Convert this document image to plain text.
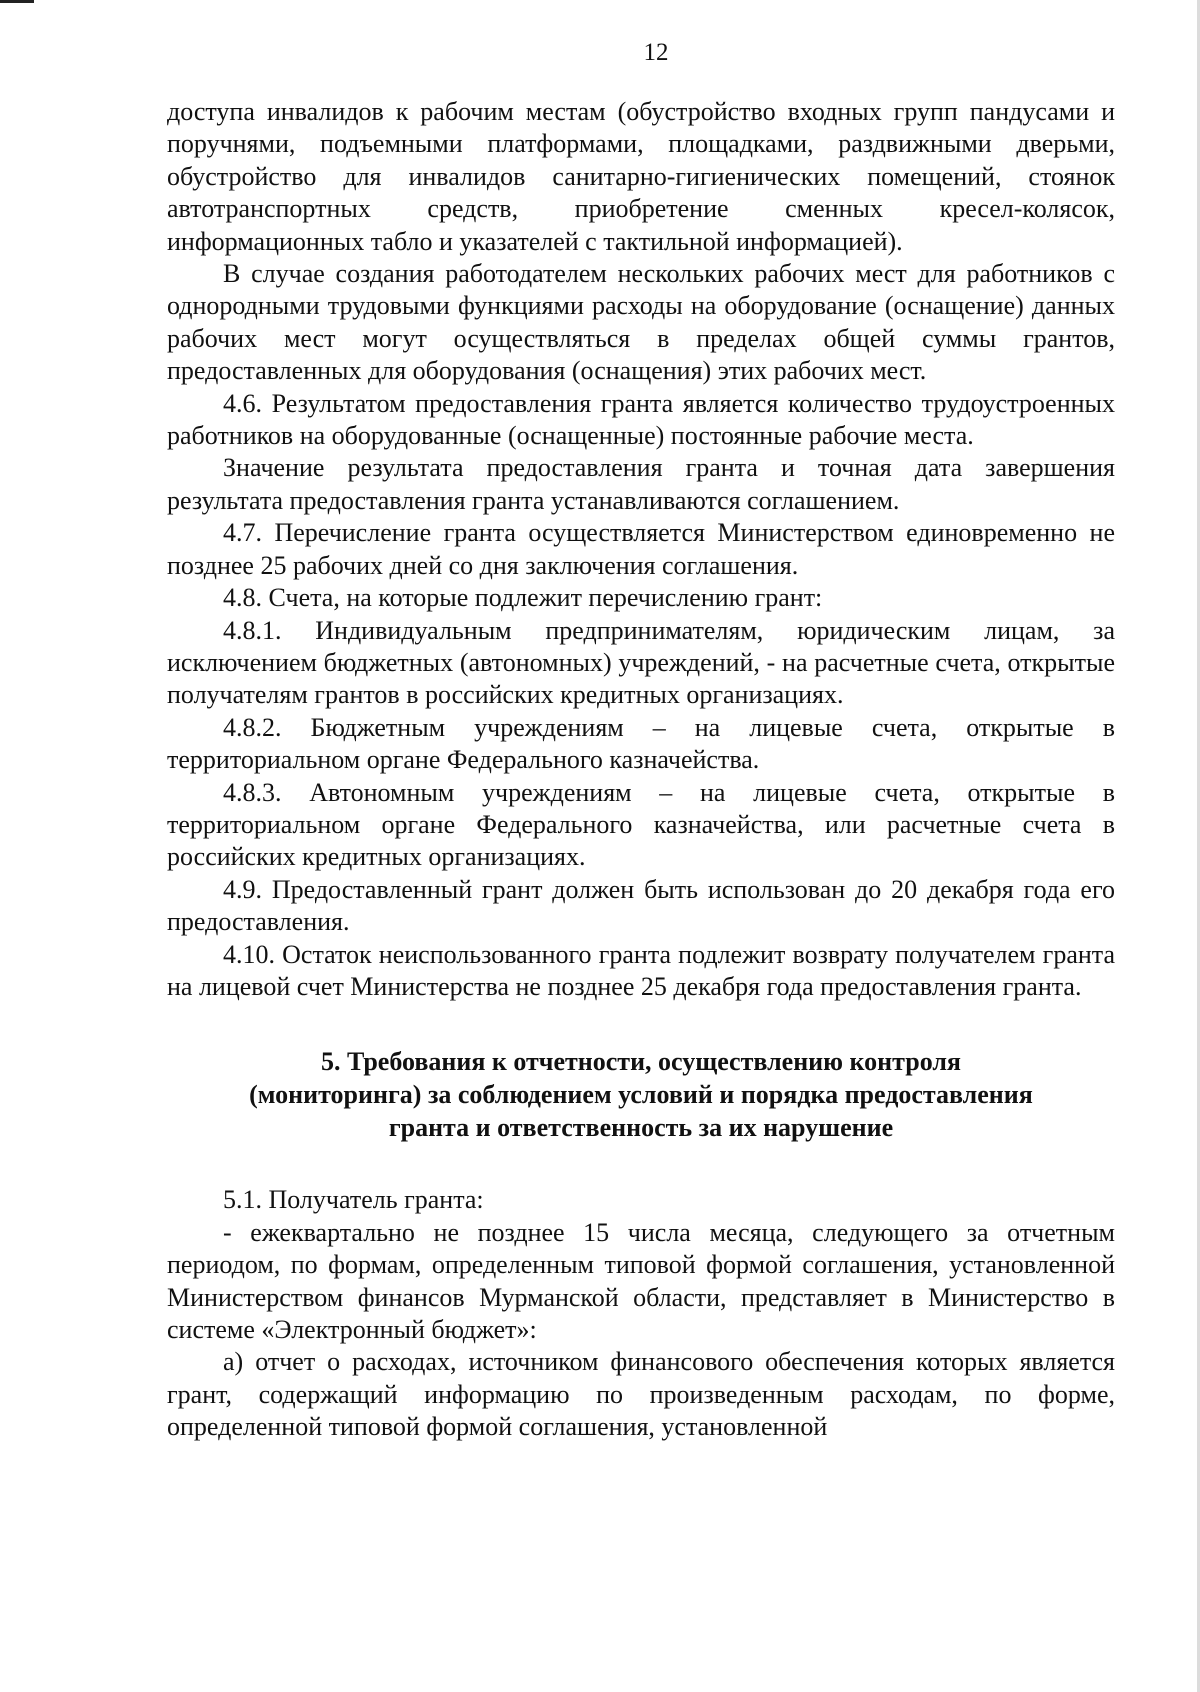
12

доступа инвалидов к рабочим местам (обустройство входных групп пандусами и поручнями, подъемными платформами, площадками, раздвижными дверьми, обустройство для инвалидов санитарно-гигиенических помещений, стоянок автотранспортных средств, приобретение сменных кресел-колясок, информационных табло и указателей с тактильной информацией).

В случае создания работодателем нескольких рабочих мест для работников с однородными трудовыми функциями расходы на оборудование (оснащение) данных рабочих мест могут осуществляться в пределах общей суммы грантов, предоставленных для оборудования (оснащения) этих рабочих мест.

4.6. Результатом предоставления гранта является количество трудоустроенных работников на оборудованные (оснащенные) постоянные рабочие места.

Значение результата предоставления гранта и точная дата завершения результата предоставления гранта устанавливаются соглашением.

4.7. Перечисление гранта осуществляется Министерством единовременно не позднее 25 рабочих дней со дня заключения соглашения.

4.8. Счета, на которые подлежит перечислению грант:

4.8.1. Индивидуальным предпринимателям, юридическим лицам, за исключением бюджетных (автономных) учреждений, - на расчетные счета, открытые получателям грантов в российских кредитных организациях.

4.8.2. Бюджетным учреждениям – на лицевые счета, открытые в территориальном органе Федерального казначейства.

4.8.3. Автономным учреждениям – на лицевые счета, открытые в территориальном органе Федерального казначейства, или расчетные счета в российских кредитных организациях.

4.9. Предоставленный грант должен быть использован до 20 декабря года его предоставления.

4.10. Остаток неиспользованного гранта подлежит возврату получателем гранта на лицевой счет Министерства не позднее 25 декабря года предоставления гранта.

5. Требования к отчетности, осуществлению контроля
(мониторинга) за соблюдением условий и порядка предоставления
гранта и ответственность за их нарушение

5.1. Получатель гранта:

- ежеквартально не позднее 15 числа месяца, следующего за отчетным периодом, по формам, определенным типовой формой соглашения, установленной Министерством финансов Мурманской области, представляет в Министерство в системе «Электронный бюджет»:

а) отчет о расходах, источником финансового обеспечения которых является грант, содержащий информацию по произведенным расходам, по форме, определенной типовой формой соглашения, установленной
